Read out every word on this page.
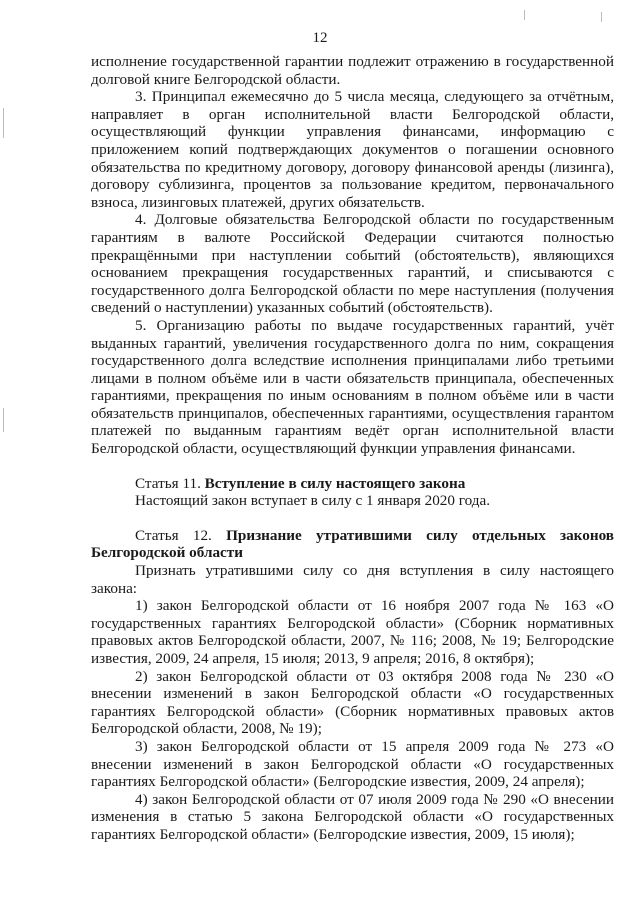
12

исполнение государственной гарантии подлежит отражению в государственной долговой книге Белгородской области.

3. Принципал ежемесячно до 5 числа месяца, следующего за отчётным, направляет в орган исполнительной власти Белгородской области, осуществляющий функции управления финансами, информацию с приложением копий подтверждающих документов о погашении основного обязательства по кредитному договору, договору финансовой аренды (лизинга), договору сублизинга, процентов за пользование кредитом, первоначального взноса, лизинговых платежей, других обязательств.

4. Долговые обязательства Белгородской области по государственным гарантиям в валюте Российской Федерации считаются полностью прекращёнными при наступлении событий (обстоятельств), являющихся основанием прекращения государственных гарантий, и списываются с государственного долга Белгородской области по мере наступления (получения сведений о наступлении) указанных событий (обстоятельств).

5. Организацию работы по выдаче государственных гарантий, учёт выданных гарантий, увеличения государственного долга по ним, сокращения государственного долга вследствие исполнения принципалами либо третьими лицами в полном объёме или в части обязательств принципала, обеспеченных гарантиями, прекращения по иным основаниям в полном объёме или в части обязательств принципалов, обеспеченных гарантиями, осуществления гарантом платежей по выданным гарантиям ведёт орган исполнительной власти Белгородской области, осуществляющий функции управления финансами.

Статья 11. Вступление в силу настоящего закона

Настоящий закон вступает в силу с 1 января 2020 года.

Статья 12. Признание утратившими силу отдельных законов Белгородской области

Признать утратившими силу со дня вступления в силу настоящего закона:

1) закон Белгородской области от 16 ноября 2007 года № 163 «О государственных гарантиях Белгородской области» (Сборник нормативных правовых актов Белгородской области, 2007, № 116; 2008, № 19; Белгородские известия, 2009, 24 апреля, 15 июля; 2013, 9 апреля; 2016, 8 октября);

2) закон Белгородской области от 03 октября 2008 года № 230 «О внесении изменений в закон Белгородской области «О государственных гарантиях Белгородской области» (Сборник нормативных правовых актов Белгородской области, 2008, № 19);

3) закон Белгородской области от 15 апреля 2009 года № 273 «О внесении изменений в закон Белгородской области «О государственных гарантиях Белгородской области» (Белгородские известия, 2009, 24 апреля);

4) закон Белгородской области от 07 июля 2009 года № 290 «О внесении изменения в статью 5 закона Белгородской области «О государственных гарантиях Белгородской области» (Белгородские известия, 2009, 15 июля);
